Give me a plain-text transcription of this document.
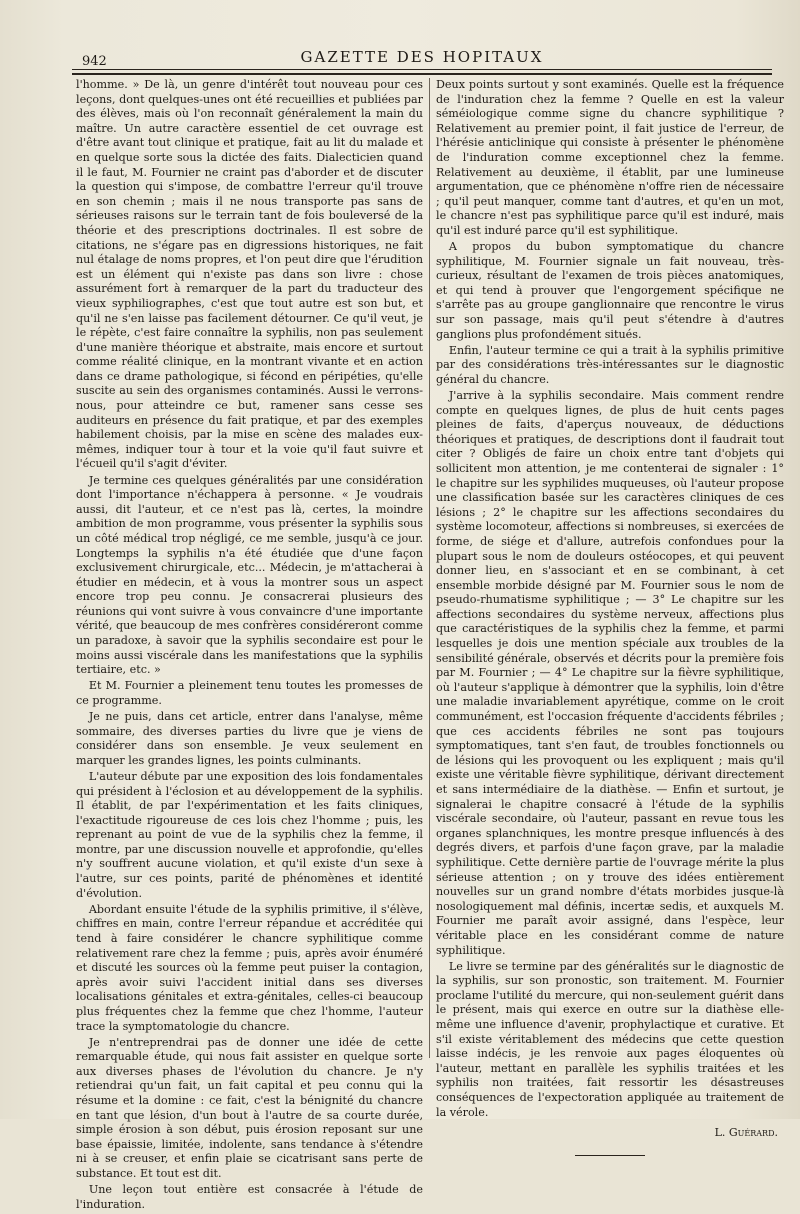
942	GAZETTE DES HOPITAUX

l'homme. » De là, un genre d'intérêt tout nouveau pour ces leçons, dont quelques-unes ont été recueillies et publiées par des élèves, mais où l'on reconnaît généralement la main du maître. Un autre caractère essentiel de cet ouvrage est d'être avant tout clinique et pratique, fait au lit du malade et en quelque sorte sous la dictée des faits. Dialecticien quand il le faut, M. Fournier ne craint pas d'aborder et de discuter la question qui s'impose, de combattre l'erreur qu'il trouve en son chemin ; mais il ne nous transporte pas sans de sérieuses raisons sur le terrain tant de fois bouleversé de la théorie et des prescriptions doctrinales. Il est sobre de citations, ne s'égare pas en digressions historiques, ne fait nul étalage de noms propres, et l'on peut dire que l'érudition est un élément qui n'existe pas dans son livre : chose assurément fort à remarquer de la part du traducteur des vieux syphiliographes, c'est que tout autre est son but, et qu'il ne s'en laisse pas facilement détourner. Ce qu'il veut, je le répète, c'est faire connaître la syphilis, non pas seulement d'une manière théorique et abstraite, mais encore et surtout comme réalité clinique, en la montrant vivante et en action dans ce drame pathologique, si fécond en péripéties, qu'elle suscite au sein des organismes contaminés. Aussi le verrons-nous, pour atteindre ce but, ramener sans cesse ses auditeurs en présence du fait pratique, et par des exemples habilement choisis, par la mise en scène des malades eux-mêmes, indiquer tour à tour et la voie qu'il faut suivre et l'écueil qu'il s'agit d'éviter.

Je termine ces quelques généralités par une considération dont l'importance n'échappera à personne. « Je voudrais aussi, dit l'auteur, et ce n'est pas là, certes, la moindre ambition de mon programme, vous présenter la syphilis sous un côté médical trop négligé, ce me semble, jusqu'à ce jour. Longtemps la syphilis n'a été étudiée que d'une façon exclusivement chirurgicale, etc... Médecin, je m'attacherai à étudier en médecin, et à vous la montrer sous un aspect encore trop peu connu. Je consacrerai plusieurs des réunions qui vont suivre à vous convaincre d'une importante vérité, que beaucoup de mes confrères considéreront comme un paradoxe, à savoir que la syphilis secondaire est pour le moins aussi viscérale dans les manifestations que la syphilis tertiaire, etc. »

Et M. Fournier a pleinement tenu toutes les promesses de ce programme.

Je ne puis, dans cet article, entrer dans l'analyse, même sommaire, des diverses parties du livre que je viens de considérer dans son ensemble. Je veux seulement en marquer les grandes lignes, les points culminants.

L'auteur débute par une exposition des lois fondamentales qui président à l'éclosion et au développement de la syphilis. Il établit, de par l'expérimentation et les faits cliniques, l'exactitude rigoureuse de ces lois chez l'homme ; puis, les reprenant au point de vue de la syphilis chez la femme, il montre, par une discussion nouvelle et approfondie, qu'elles n'y souffrent aucune violation, et qu'il existe d'un sexe à l'autre, sur ces points, parité de phénomènes et identité d'évolution.

Abordant ensuite l'étude de la syphilis primitive, il s'élève, chiffres en main, contre l'erreur répandue et accréditée qui tend à faire considérer le chancre syphilitique comme relativement rare chez la femme ; puis, après avoir énuméré et discuté les sources où la femme peut puiser la contagion, après avoir suivi l'accident initial dans ses diverses localisations génitales et extra-génitales, celles-ci beaucoup plus fréquentes chez la femme que chez l'homme, l'auteur trace la symptomatologie du chancre.

Je n'entreprendrai pas de donner une idée de cette remarquable étude, qui nous fait assister en quelque sorte aux diverses phases de l'évolution du chancre. Je n'y retiendrai qu'un fait, un fait capital et peu connu qui la résume et la domine : ce fait, c'est la bénignité du chancre en tant que lésion, d'un bout à l'autre de sa courte durée, simple érosion à son début, puis érosion reposant sur une base épaissie, limitée, indolente, sans tendance à s'étendre ni à se creuser, et enfin plaie se cicatrisant sans perte de substance. Et tout est dit.

Une leçon tout entière est consacrée à l'étude de l'induration.

Deux points surtout y sont examinés. Quelle est la fréquence de l'induration chez la femme ? Quelle en est la valeur séméiologique comme signe du chancre syphilitique ? Relativement au premier point, il fait justice de l'erreur, de l'hérésie anticlinique qui consiste à présenter le phénomène de l'induration comme exceptionnel chez la femme. Relativement au deuxième, il établit, par une lumineuse argumentation, que ce phénomène n'offre rien de nécessaire ; qu'il peut manquer, comme tant d'autres, et qu'en un mot, le chancre n'est pas syphilitique parce qu'il est induré, mais qu'il est induré parce qu'il est syphilitique.

A propos du bubon symptomatique du chancre syphilitique, M. Fournier signale un fait nouveau, très-curieux, résultant de l'examen de trois pièces anatomiques, et qui tend à prouver que l'engorgement spécifique ne s'arrête pas au groupe ganglionnaire que rencontre le virus sur son passage, mais qu'il peut s'étendre à d'autres ganglions plus profondément situés.

Enfin, l'auteur termine ce qui a trait à la syphilis primitive par des considérations très-intéressantes sur le diagnostic général du chancre.

J'arrive à la syphilis secondaire. Mais comment rendre compte en quelques lignes, de plus de huit cents pages pleines de faits, d'aperçus nouveaux, de déductions théoriques et pratiques, de descriptions dont il faudrait tout citer ? Obligés de faire un choix entre tant d'objets qui sollicitent mon attention, je me contenterai de signaler : 1° le chapitre sur les syphilides muqueuses, où l'auteur propose une classification basée sur les caractères cliniques de ces lésions ; 2° le chapitre sur les affections secondaires du système locomoteur, affections si nombreuses, si exercées de forme, de siége et d'allure, autrefois confondues pour la plupart sous le nom de douleurs ostéocopes, et qui peuvent donner lieu, en s'associant et en se combinant, à cet ensemble morbide désigné par M. Fournier sous le nom de pseudo-rhumatisme syphilitique ; — 3° Le chapitre sur les affections secondaires du système nerveux, affections plus que caractéristiques de la syphilis chez la femme, et parmi lesquelles je dois une mention spéciale aux troubles de la sensibilité générale, observés et décrits pour la première fois par M. Fournier ; — 4° Le chapitre sur la fièvre syphilitique, où l'auteur s'applique à démontrer que la syphilis, loin d'être une maladie invariablement apyrétique, comme on le croit communément, est l'occasion fréquente d'accidents fébriles ; que ces accidents fébriles ne sont pas toujours symptomatiques, tant s'en faut, de troubles fonctionnels ou de lésions qui les provoquent ou les expliquent ; mais qu'il existe une véritable fièvre syphilitique, dérivant directement et sans intermédiaire de la diathèse. — Enfin et surtout, je signalerai le chapitre consacré à l'étude de la syphilis viscérale secondaire, où l'auteur, passant en revue tous les organes splanchniques, les montre presque influencés à des degrés divers, et parfois d'une façon grave, par la maladie syphilitique. Cette dernière partie de l'ouvrage mérite la plus sérieuse attention ; on y trouve des idées entièrement nouvelles sur un grand nombre d'états morbides jusque-là nosologiquement mal définis, incertæ sedis, et auxquels M. Fournier me paraît avoir assigné, dans l'espèce, leur véritable place en les considérant comme de nature syphilitique.

Le livre se termine par des généralités sur le diagnostic de la syphilis, sur son pronostic, son traitement. M. Fournier proclame l'utilité du mercure, qui non-seulement guérit dans le présent, mais qui exerce en outre sur la diathèse elle-même une influence d'avenir, prophylactique et curative. Et s'il existe véritablement des médecins que cette question laisse indécis, je les renvoie aux pages éloquentes où l'auteur, mettant en parallèle les syphilis traitées et les syphilis non traitées, fait ressortir les désastreuses conséquences de l'expectoration appliquée au traitement de la vérole.

L. Guérard.
